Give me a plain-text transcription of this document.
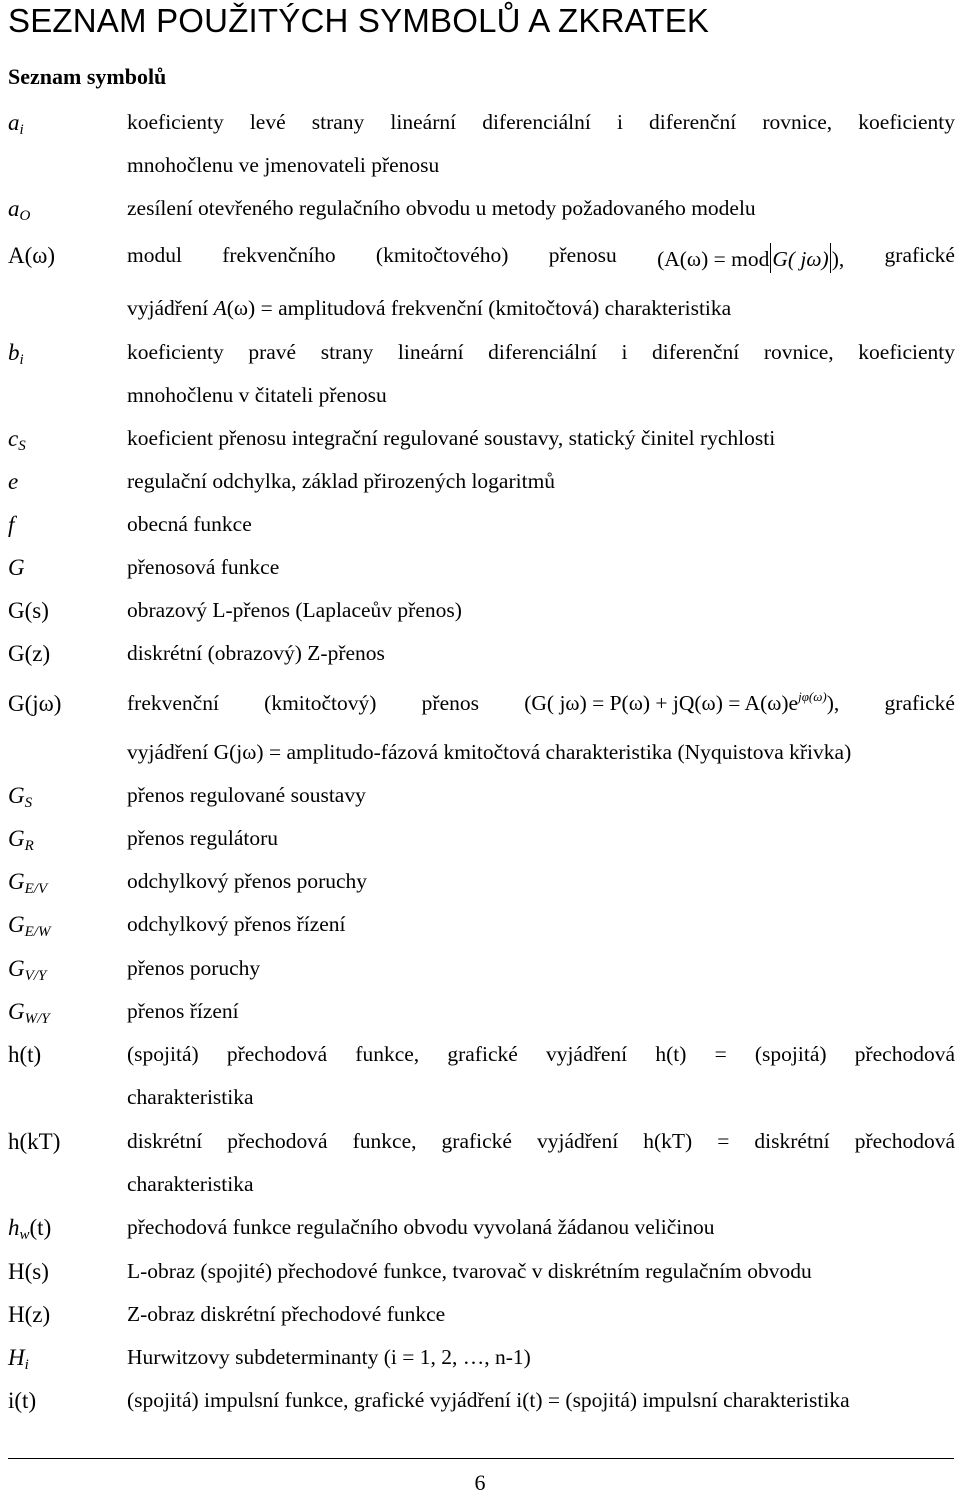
SEZNAM POUŽITÝCH SYMBOLŮ A ZKRATEK
Seznam symbolů
$a_i$	koeficienty levé strany lineární diferenciální i diferenční rovnice, koeficienty
mnohočlenu ve jmenovateli přenosu
$a_O$	zesílení otevřeného regulačního obvodu u metody požadovaného modelu
A(ω)	modul frekvenčního (kmitočtového) přenosu (A(ω) = mod G( jω) ), grafické
vyjádření A(ω) = amplitudová frekvenční (kmitočtová) charakteristika
$b_i$	koeficienty pravé strany lineární diferenciální i diferenční rovnice, koeficienty
mnohočlenu v čitateli přenosu
$c_S$	koeficient přenosu integrační regulované soustavy, statický činitel rychlosti
e	regulační odchylka, základ přirozených logaritmů
f	obecná funkce
G	přenosová funkce
G(s)	obrazový L-přenos (Laplaceův přenos)
G(z)	diskrétní (obrazový) Z-přenos
G(jω)	frekvenční (kmitočtový) přenos (G( $j\omega) = P(\omega) + jQ(\omega) = A(\omega)e^{j\varphi(\omega)}$), grafické
vyjádření G(jω) = amplitudo-fázová kmitočtová charakteristika (Nyquistova křivka)
$G_S$	přenos regulované soustavy
$G_R$	přenos regulátoru
$G_{E/V}$	odchylkový přenos poruchy
$G_{E/W}$	odchylkový přenos řízení
$G_{V/Y}$	přenos poruchy
$G_{W/Y}$	přenos řízení
h(t)	(spojitá) přechodová funkce, grafické vyjádření h(t) = (spojitá) přechodová
charakteristika
h(kT)	diskrétní přechodová funkce, grafické vyjádření h(kT) = diskrétní přechodová
charakteristika
$h_w(t)$	přechodová funkce regulačního obvodu vyvolaná žádanou veličinou
H(s)	L-obraz (spojité) přechodové funkce, tvarovač v diskrétním regulačním obvodu
H(z)	Z-obraz diskrétní přechodové funkce
$H_i$	Hurwitzovy subdeterminanty (i = 1, 2, …, n-1)
i(t)	(spojitá) impulsní funkce, grafické vyjádření i(t) = (spojitá) impulsní charakteristika
6
